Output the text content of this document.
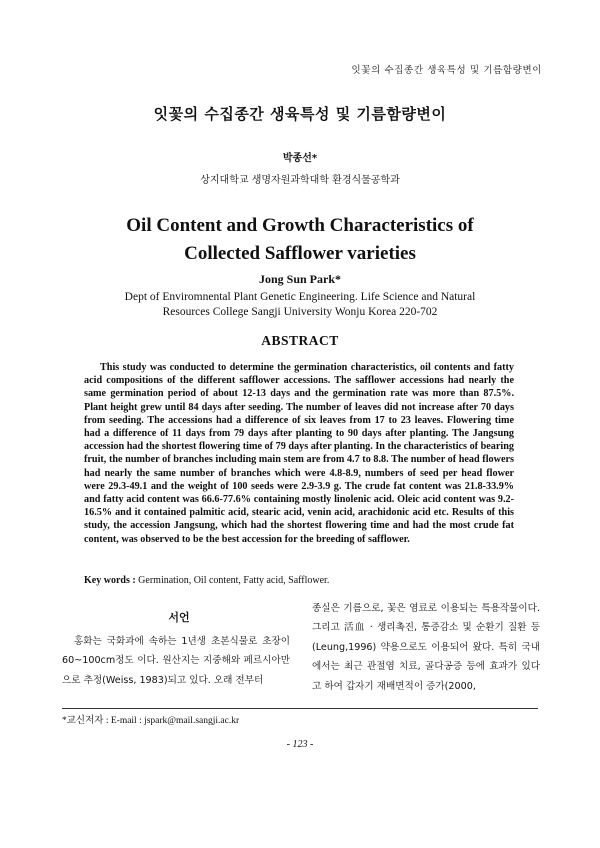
잇꽃의 수집종간 생육특성 및 기름함량변이
잇꽃의 수집종간 생육특성 및 기름함량변이
박종선*
상지대학교 생명자원과학대학 환경식물공학과
Oil Content and Growth Characteristics of
Collected Safflower varieties
Jong Sun Park*
Dept of Enviromnental Plant Genetic Engineering. Life Science and Natural
Resources College Sangji University Wonju Korea 220-702
ABSTRACT
This study was conducted to determine the germination characteristics, oil contents and fatty acid compositions of the different safflower accessions. The safflower accessions had nearly the same germination period of about 12-13 days and the germination rate was more than 87.5%. Plant height grew until 84 days after seeding. The number of leaves did not increase after 70 days from seeding. The accessions had a difference of six leaves from 17 to 23 leaves. Flowering time had a difference of 11 days from 79 days after planting to 90 days after planting. The Jangsung accession had the shortest flowering time of 79 days after planting. In the characteristics of bearing fruit, the number of branches including main stem are from 4.7 to 8.8. The number of head flowers had nearly the same number of branches which were 4.8-8.9, numbers of seed per head flower were 29.3-49.1 and the weight of 100 seeds were 2.9-3.9 g. The crude fat content was 21.8-33.9% and fatty acid content was 66.6-77.6% containing mostly linolenic acid. Oleic acid content was 9.2-16.5% and it contained palmitic acid, stearic acid, venin acid, arachidonic acid etc. Results of this study, the accession Jangsung, which had the shortest flowering time and had the most crude fat content, was observed to be the best accession for the breeding of safflower.
Key words : Germination, Oil content, Fatty acid, Safflower.
서언
홍화는 국화과에 속하는 1년생 초본식물로 초장이 60~100cm정도 이다. 원산지는 지중해와 페르시아만으로 추정(Weiss, 1983)되고 있다. 오래 전부터
종실은 기름으로, 꽃은 염료로 이용되는 특용작물이다. 그리고 活血 · 생리촉진, 통증감소 및 순환기 질환 등(Leung,1996) 약용으로도 이용되어 왔다. 특히 국내에서는 최근 관절염 치료, 골다공증 등에 효과가 있다고 하여 갑자기 재배면적이 증가(2000,
*교신저자 : E-mail : jspark@mail.sangji.ac.kr
- 123 -
